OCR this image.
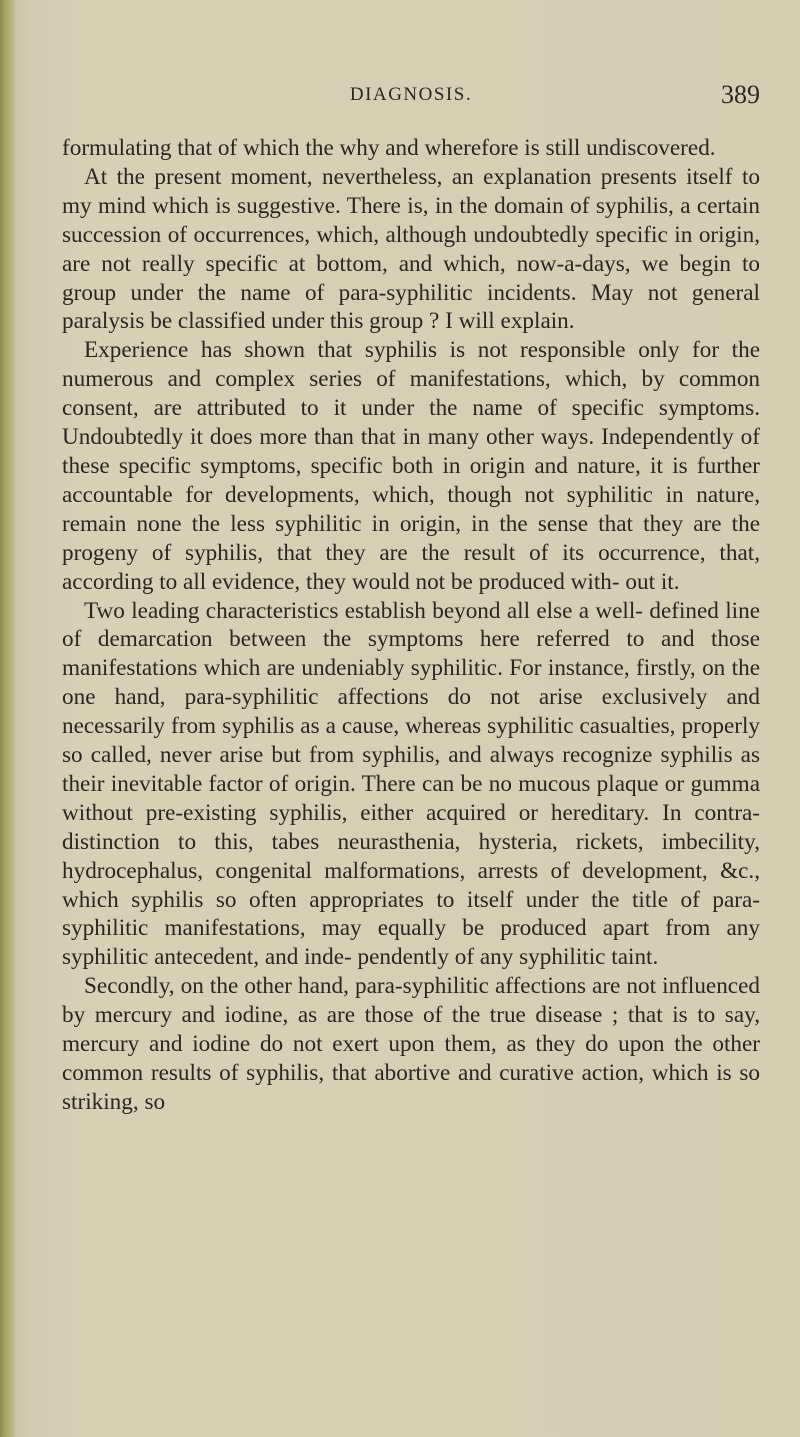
DIAGNOSIS.	389

formulating that of which the why and wherefore is still undiscovered.

At the present moment, nevertheless, an explanation presents itself to my mind which is suggestive. There is, in the domain of syphilis, a certain succession of occurrences, which, although undoubtedly specific in origin, are not really specific at bottom, and which, now-a-days, we begin to group under the name of para-syphilitic incidents. May not general paralysis be classified under this group ? I will explain.

Experience has shown that syphilis is not responsible only for the numerous and complex series of manifestations, which, by common consent, are attributed to it under the name of specific symptoms. Undoubtedly it does more than that in many other ways. Independently of these specific symptoms, specific both in origin and nature, it is further accountable for developments, which, though not syphilitic in nature, remain none the less syphilitic in origin, in the sense that they are the progeny of syphilis, that they are the result of its occurrence, that, according to all evidence, they would not be produced with- out it.

Two leading characteristics establish beyond all else a well- defined line of demarcation between the symptoms here referred to and those manifestations which are undeniably syphilitic. For instance, firstly, on the one hand, para-syphilitic affections do not arise exclusively and necessarily from syphilis as a cause, whereas syphilitic casualties, properly so called, never arise but from syphilis, and always recognize syphilis as their inevitable factor of origin. There can be no mucous plaque or gumma without pre-existing syphilis, either acquired or hereditary. In contra-distinction to this, tabes neurasthenia, hysteria, rickets, imbecility, hydrocephalus, congenital malformations, arrests of development, &c., which syphilis so often appropriates to itself under the title of para-syphilitic manifestations, may equally be produced apart from any syphilitic antecedent, and inde- pendently of any syphilitic taint.

Secondly, on the other hand, para-syphilitic affections are not influenced by mercury and iodine, as are those of the true disease ; that is to say, mercury and iodine do not exert upon them, as they do upon the other common results of syphilis, that abortive and curative action, which is so striking, so
